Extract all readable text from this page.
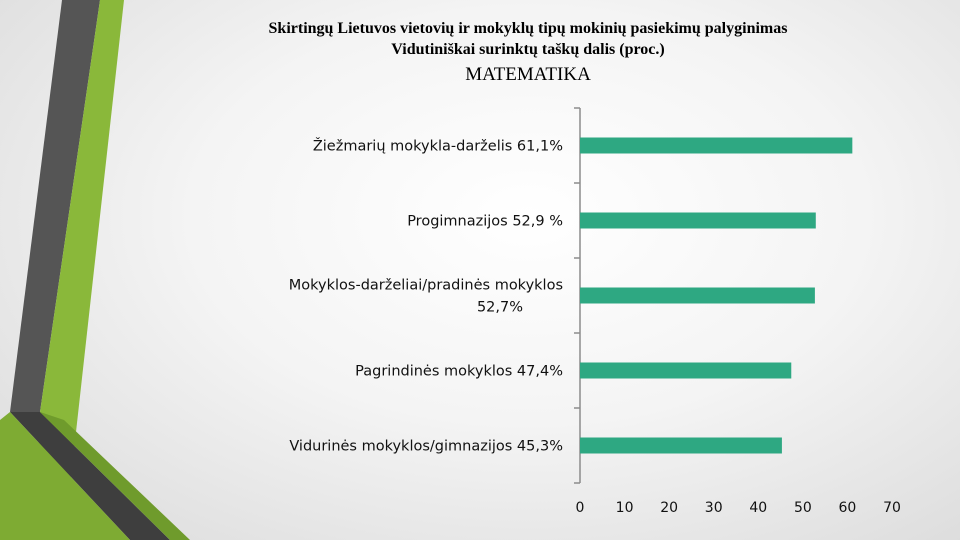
Skirtingų Lietuvos vietovių ir mokyklų tipų mokinių pasiekimų palyginimas
Vidutiniškai surinktų taškų dalis (proc.)
MATEMATIKA
Žiežmarių mokykla-darželis 61,1%
Progimnazijos 52,9 %
Mokyklos-darželiai/pradinės mokyklos 52,7%
Pagrindinės mokyklos 47,4%
Vidurinės mokyklos/gimnazijos 45,3%
0 10 20 30 40 50 60 70
